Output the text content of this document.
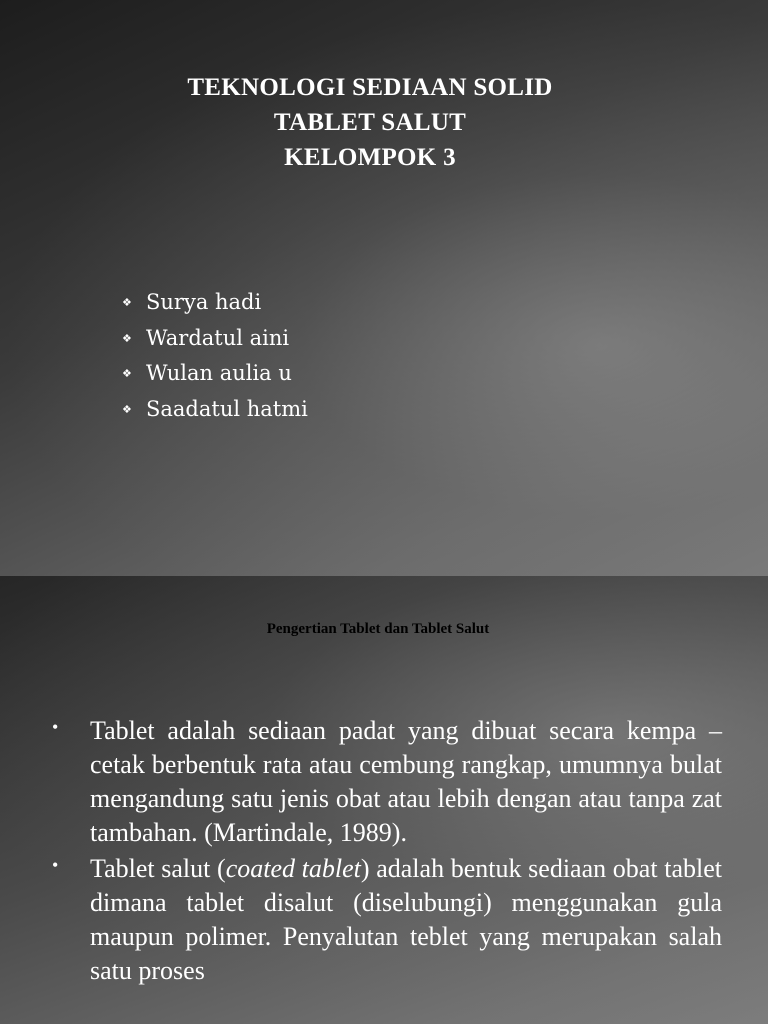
TEKNOLOGI SEDIAAN SOLID
TABLET SALUT
KELOMPOK 3
❖ Surya hadi
❖ Wardatul aini
❖ Wulan aulia u
❖ Saadatul hatmi
Pengertian Tablet dan Tablet Salut
• Tablet adalah sediaan padat yang dibuat secara kempa – cetak berbentuk rata atau cembung rangkap, umumnya bulat mengandung satu jenis obat atau lebih dengan atau tanpa zat tambahan. (Martindale, 1989).
• Tablet salut (coated tablet) adalah bentuk sediaan obat tablet dimana tablet disalut (diselubungi) menggunakan gula maupun polimer. Penyalutan teblet yang merupakan salah satu proses
